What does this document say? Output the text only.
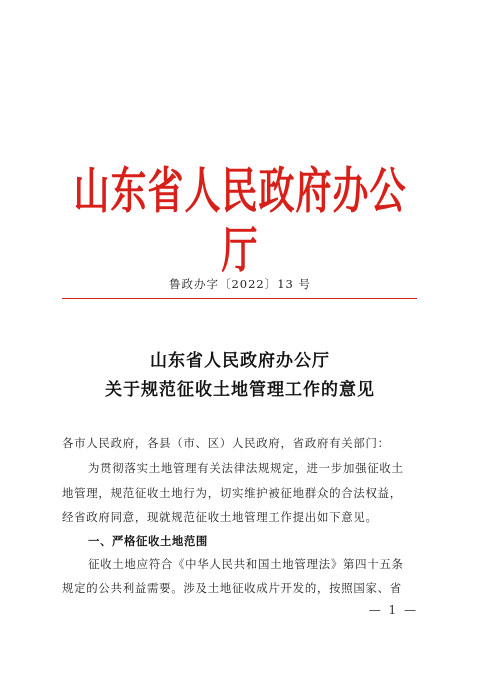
山东省人民政府办公厅
鲁政办字〔2022〕13 号
山东省人民政府办公厅
关于规范征收土地管理工作的意见
各市人民政府，各县（市、区）人民政府，省政府有关部门：
为贯彻落实土地管理有关法律法规规定，进一步加强征收土
地管理，规范征收土地行为，切实维护被征地群众的合法权益，
经省政府同意，现就规范征收土地管理工作提出如下意见。
一、严格征收土地范围
征收土地应符合《中华人民共和国土地管理法》第四十五条
规定的公共利益需要。涉及土地征收成片开发的，按照国家、省
— 1 —
